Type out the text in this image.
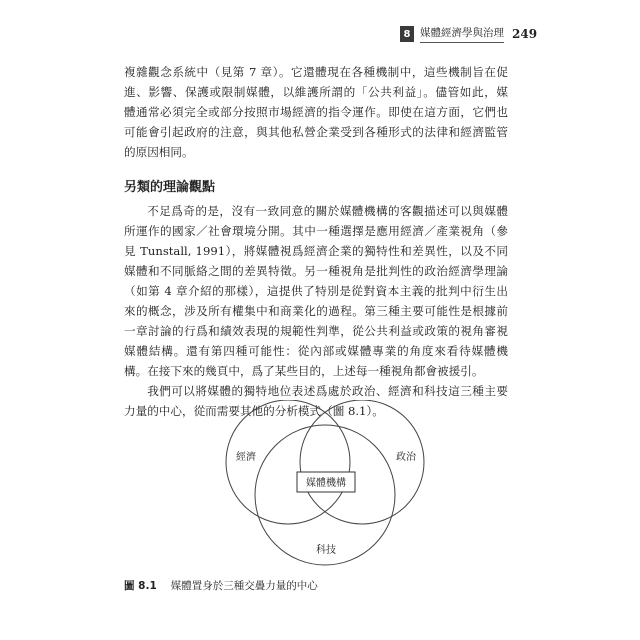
8 媒體經濟學與治理 249

複雜觀念系統中（見第 7 章）。它還體現在各種機制中，這些機制旨在促
進、影響、保護或限制媒體，以維護所謂的「公共利益」。儘管如此，媒
體通常必須完全或部分按照市場經濟的指令運作。即使在這方面，它們也
可能會引起政府的注意，與其他私營企業受到各種形式的法律和經濟監管
的原因相同。

另類的理論觀點

不足爲奇的是，沒有一致同意的關於媒體機構的客觀描述可以與媒體
所運作的國家／社會環境分開。其中一種選擇是應用經濟／產業視角（參
見 Tunstall, 1991），將媒體視爲經濟企業的獨特性和差異性，以及不同
媒體和不同脈絡之間的差異特徵。另一種視角是批判性的政治經濟學理論
（如第 4 章介紹的那樣），這提供了特別是從對資本主義的批判中衍生出
來的概念，涉及所有權集中和商業化的過程。第三種主要可能性是根據前
一章討論的行爲和績效表現的規範性判準，從公共利益或政策的視角審視
媒體結構。還有第四種可能性：從內部或媒體專業的角度來看待媒體機
構。在接下來的幾頁中，爲了某些目的，上述每一種視角都會被援引。

我們可以將媒體的獨特地位表述爲處於政治、經濟和科技這三種主要
力量的中心，從而需要其他的分析模式（圖 8.1）。

媒體機構
經濟	政治
科技
圖 8.1 媒體置身於三種交疊力量的中心
